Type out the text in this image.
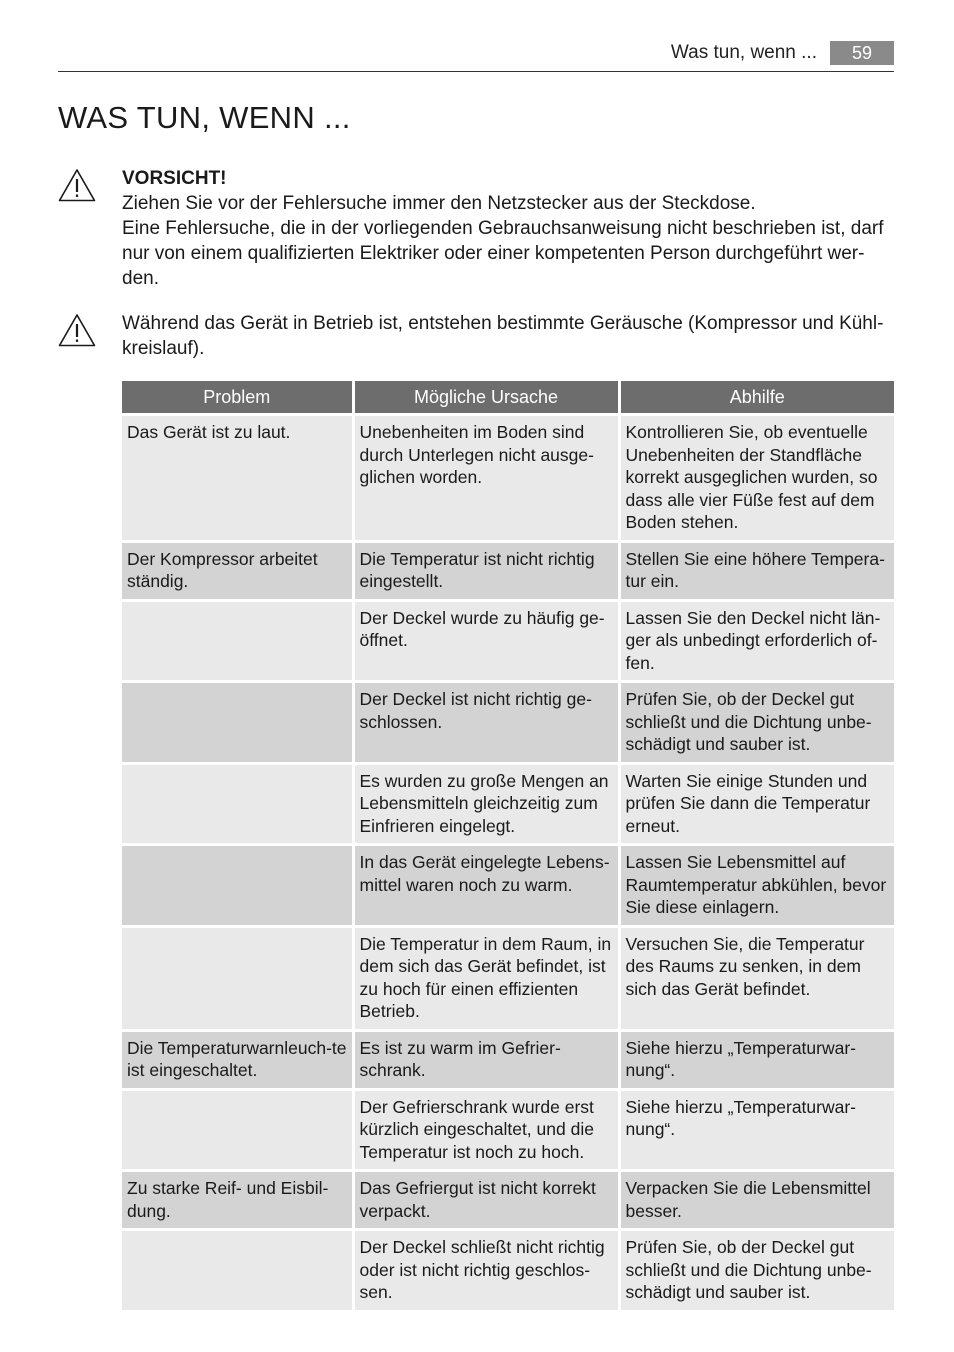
Was tun, wenn ...	59
WAS TUN, WENN ...

VORSICHT!

Ziehen Sie vor der Fehlersuche immer den Netzstecker aus der Steckdose.

Eine Fehlersuche, die in der vorliegenden Gebrauchsanweisung nicht beschrieben ist, darf nur von einem qualifizierten Elektriker oder einer kompetenten Person durchgeführt wer-den.

Während das Gerät in Betrieb ist, entstehen bestimmte Geräusche (Kompressor und Kühl-kreislauf).

Problem	Mögliche Ursache	Abhilfe
Das Gerät ist zu laut.	Unebenheiten im Boden sind durch Unterlegen nicht ausge-glichen worden.	Kontrollieren Sie, ob eventuelle Unebenheiten der Standfläche korrekt ausgeglichen wurden, so dass alle vier Füße fest auf dem Boden stehen.
Der Kompressor arbeitet ständig.	Die Temperatur ist nicht richtig eingestellt.	Stellen Sie eine höhere Tempera-tur ein.
	Der Deckel wurde zu häufig ge-öffnet.	Lassen Sie den Deckel nicht län-ger als unbedingt erforderlich of-fen.
	Der Deckel ist nicht richtig ge-schlossen.	Prüfen Sie, ob der Deckel gut schließt und die Dichtung unbe-schädigt und sauber ist.
	Es wurden zu große Mengen an Lebensmitteln gleichzeitig zum Einfrieren eingelegt.	Warten Sie einige Stunden und prüfen Sie dann die Temperatur erneut.
	In das Gerät eingelegte Lebens-mittel waren noch zu warm.	Lassen Sie Lebensmittel auf Raumtemperatur abkühlen, bevor Sie diese einlagern.
	Die Temperatur in dem Raum, in dem sich das Gerät befindet, ist zu hoch für einen effizienten Betrieb.	Versuchen Sie, die Temperatur des Raums zu senken, in dem sich das Gerät befindet.
Die Temperaturwarnleuch-te ist eingeschaltet.	Es ist zu warm im Gefrier-schrank.	Siehe hierzu „Temperaturwar-nung“.
	Der Gefrierschrank wurde erst kürzlich eingeschaltet, und die Temperatur ist noch zu hoch.	Siehe hierzu „Temperaturwar-nung“.
Zu starke Reif- und Eisbil-dung.	Das Gefriergut ist nicht korrekt verpackt.	Verpacken Sie die Lebensmittel besser.
	Der Deckel schließt nicht richtig oder ist nicht richtig geschlos-sen.	Prüfen Sie, ob der Deckel gut schließt und die Dichtung unbe-schädigt und sauber ist.
